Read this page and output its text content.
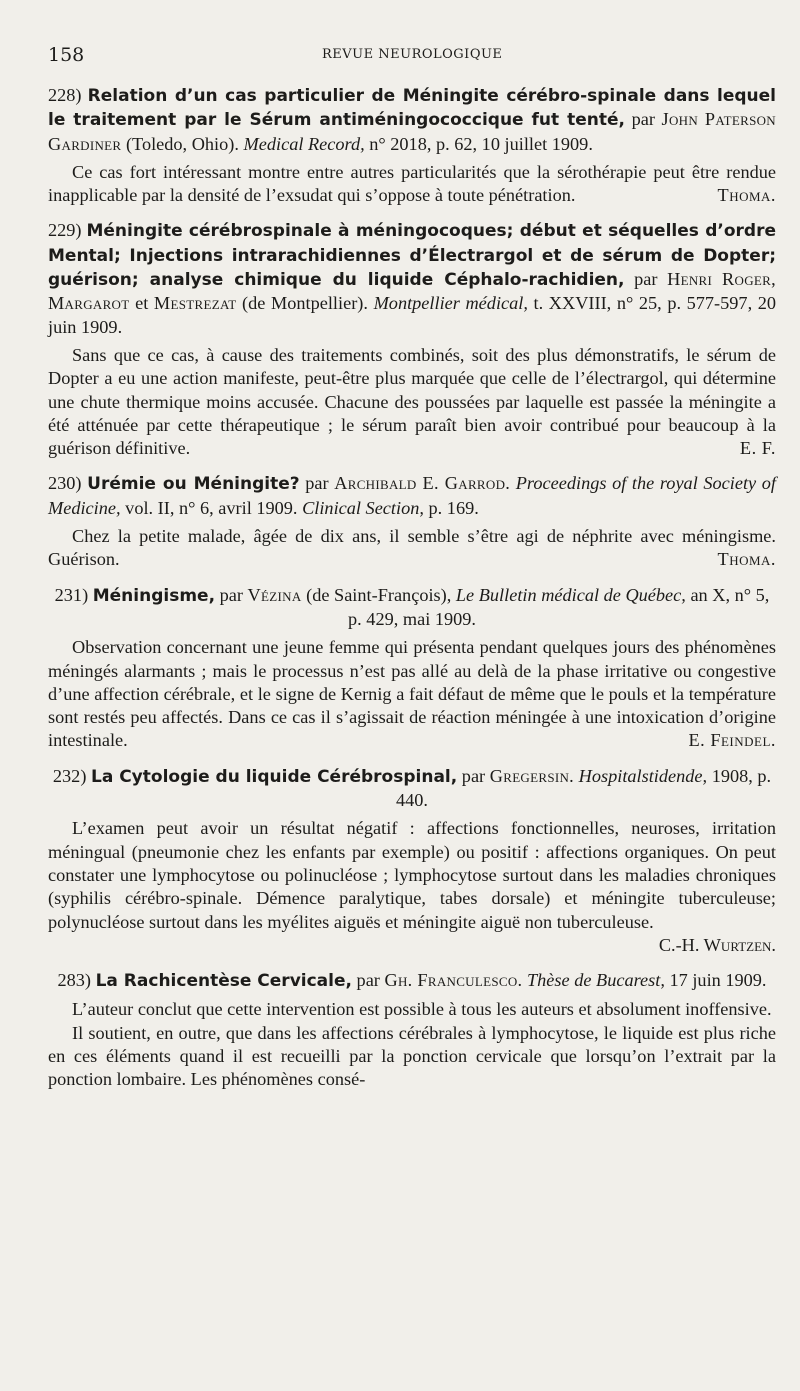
158	REVUE NEUROLOGIQUE

228) Relation d’un cas particulier de Méningite cérébro-spinale dans lequel le traitement par le Sérum antiméningococcique fut tenté, par John Paterson Gardiner (Toledo, Ohio). Medical Record, n° 2018, p. 62, 10 juillet 1909.

Ce cas fort intéressant montre entre autres particularités que la sérothérapie peut être rendue inapplicable par la densité de l’exsudat qui s’oppose à toute pénétration.	Thoma.

229) Méningite cérébrospinale à méningocoques; début et séquelles d’ordre Mental; Injections intrarachidiennes d’Électrargol et de sérum de Dopter; guérison; analyse chimique du liquide Céphalo-rachidien, par Henri Roger, Margarot et Mestrezat (de Montpellier). Montpellier médical, t. XXVIII, n° 25, p. 577-597, 20 juin 1909.

Sans que ce cas, à cause des traitements combinés, soit des plus démonstratifs, le sérum de Dopter a eu une action manifeste, peut-être plus marquée que celle de l’électrargol, qui détermine une chute thermique moins accusée. Chacune des poussées par laquelle est passée la méningite a été atténuée par cette thérapeutique ; le sérum paraît bien avoir contribué pour beaucoup à la guérison définitive.	E. F.

230) Urémie ou Méningite? par Archibald E. Garrod. Proceedings of the royal Society of Medicine, vol. II, n° 6, avril 1909. Clinical Section, p. 169.

Chez la petite malade, âgée de dix ans, il semble s’être agi de néphrite avec méningisme. Guérison.	Thoma.

231) Méningisme, par Vézina (de Saint-François), Le Bulletin médical de Québec, an X, n° 5, p. 429, mai 1909.

Observation concernant une jeune femme qui présenta pendant quelques jours des phénomènes méningés alarmants ; mais le processus n’est pas allé au delà de la phase irritative ou congestive d’une affection cérébrale, et le signe de Kernig a fait défaut de même que le pouls et la température sont restés peu affectés. Dans ce cas il s’agissait de réaction méningée à une intoxication d’origine intestinale.	E. Feindel.

232) La Cytologie du liquide Cérébrospinal, par Gregersin. Hospitalstidende, 1908, p. 440.

L’examen peut avoir un résultat négatif : affections fonctionnelles, neuroses, irritation méningual (pneumonie chez les enfants par exemple) ou positif : affections organiques. On peut constater une lymphocytose ou polinucléose ; lymphocytose surtout dans les maladies chroniques (syphilis cérébro-spinale. Démence paralytique, tabes dorsale) et méningite tuberculeuse; polynucléose surtout dans les myélites aiguës et méningite aiguë non tuberculeuse.

C.-H. Wurtzen.

283) La Rachicentèse Cervicale, par Gh. Franculesco. Thèse de Bucarest, 17 juin 1909.

L’auteur conclut que cette intervention est possible à tous les auteurs et absolument inoffensive.

Il soutient, en outre, que dans les affections cérébrales à lymphocytose, le liquide est plus riche en ces éléments quand il est recueilli par la ponction cervicale que lorsqu’on l’extrait par la ponction lombaire. Les phénomènes consé-
